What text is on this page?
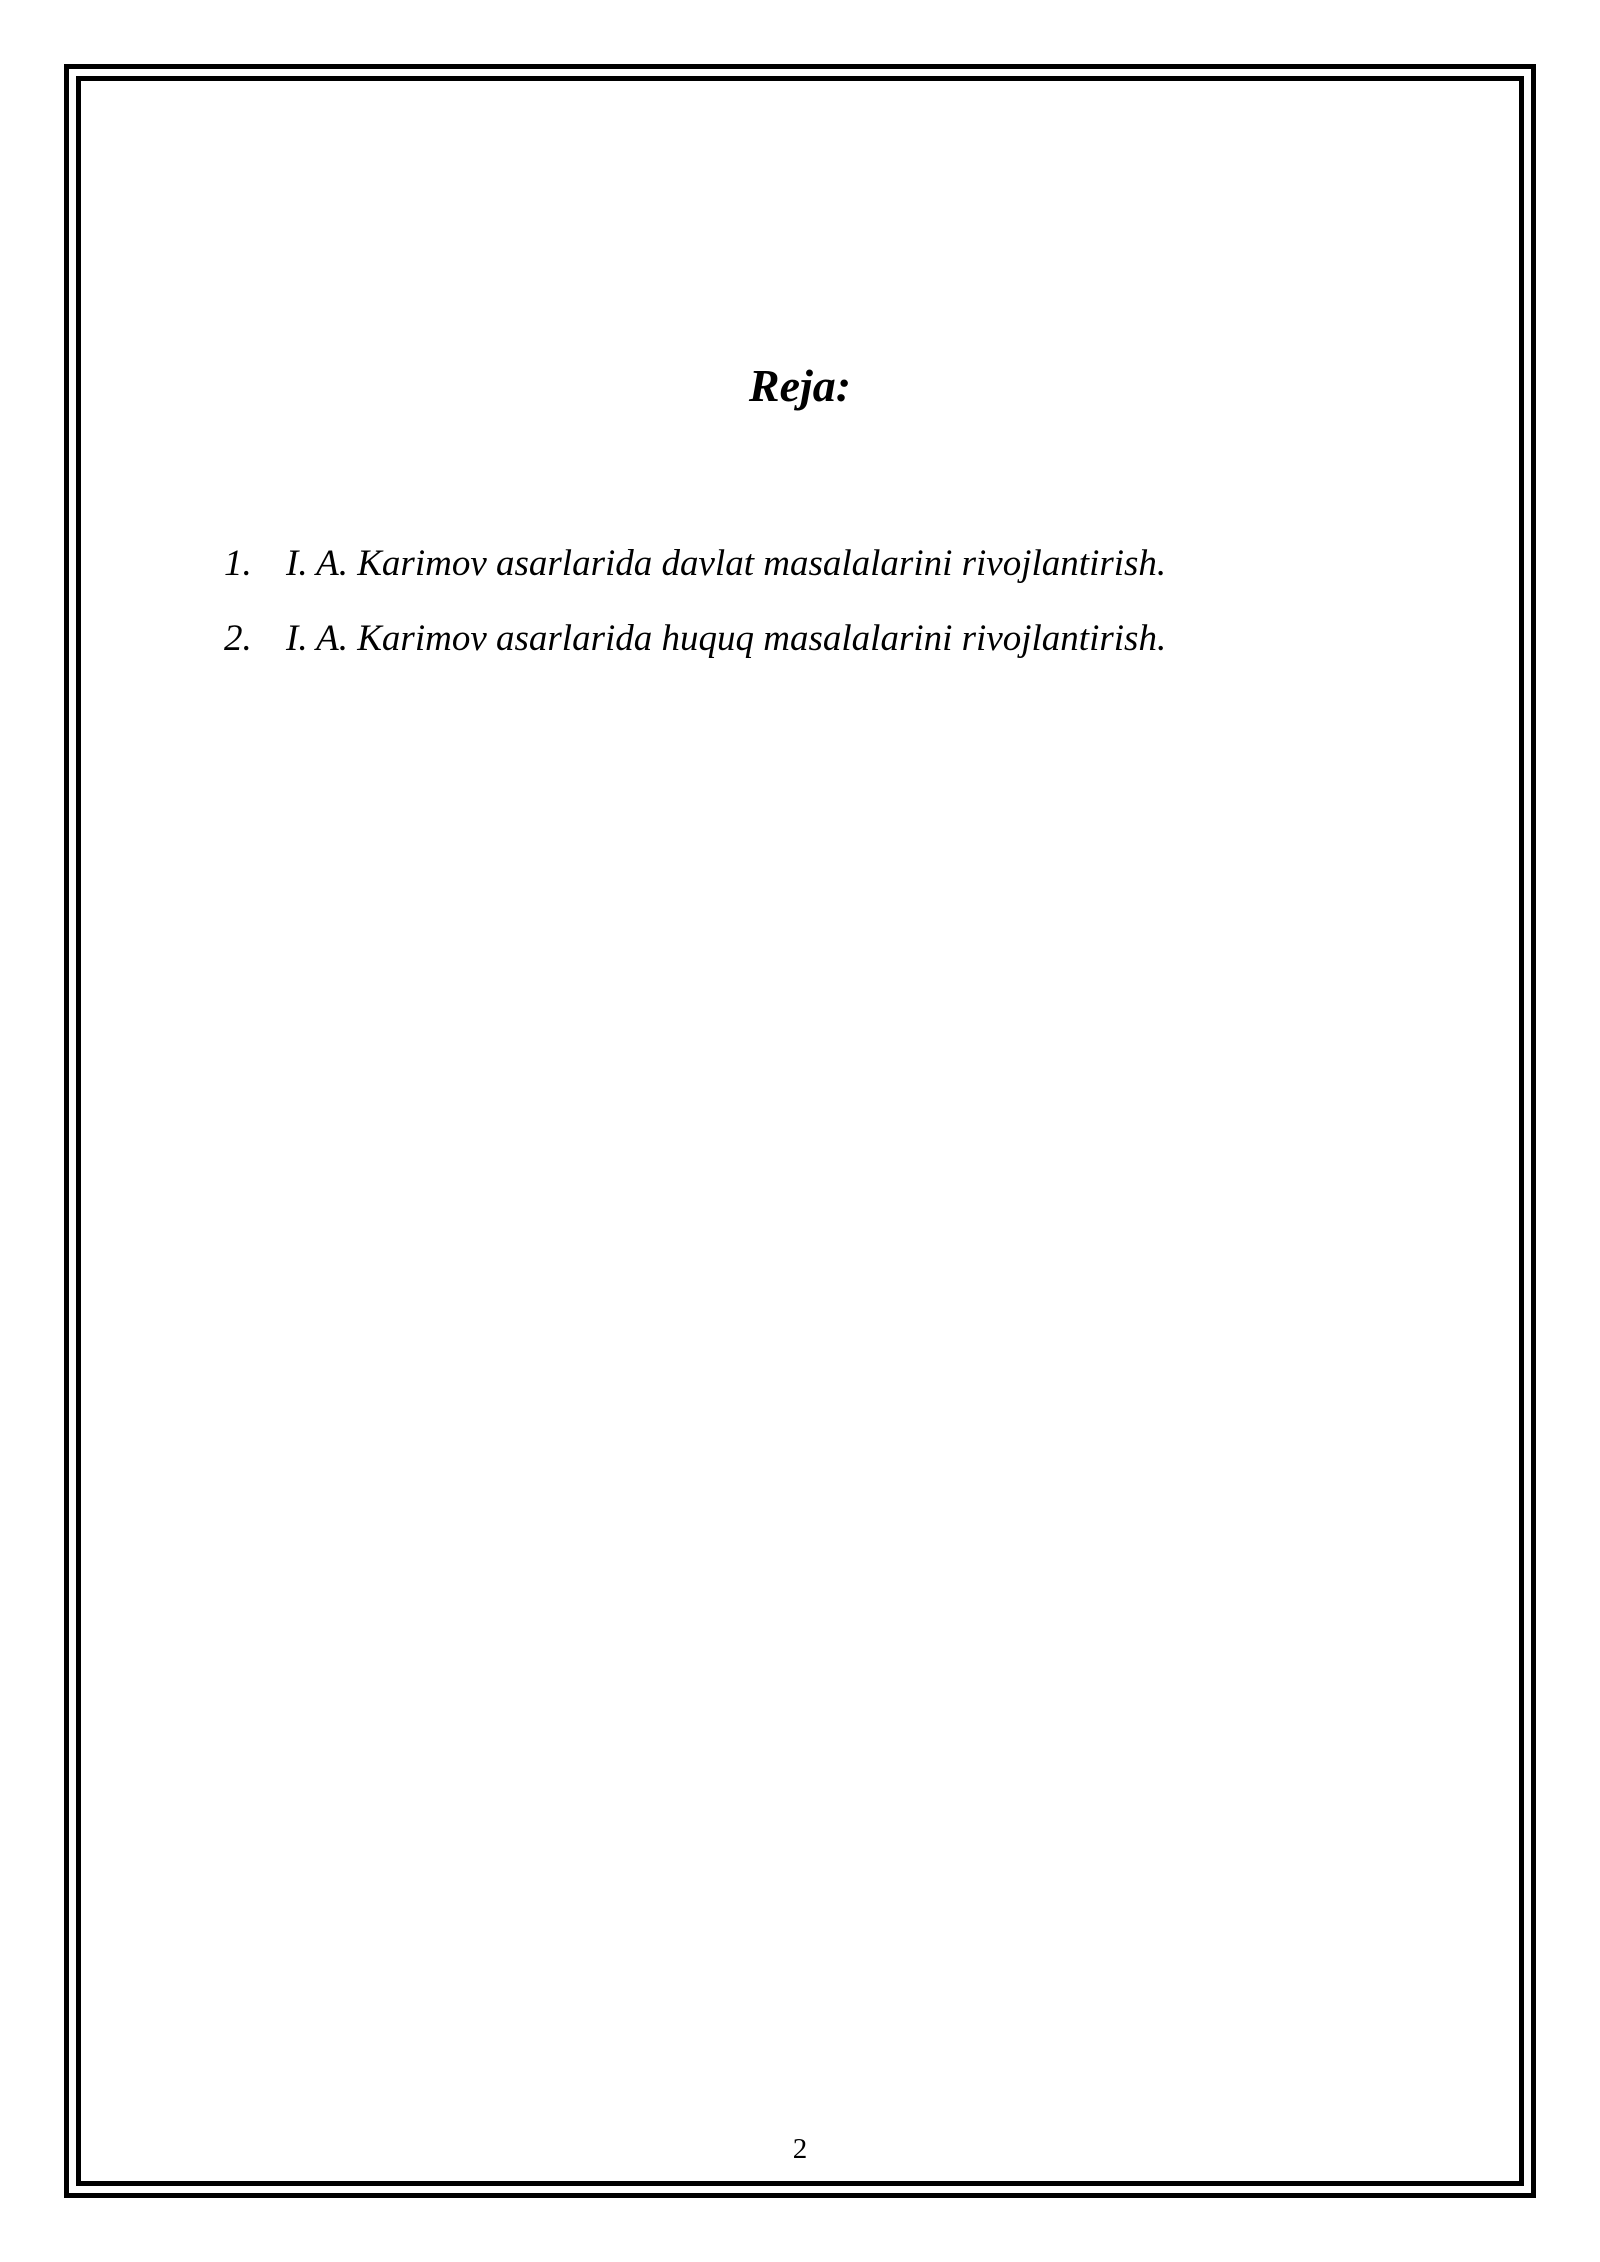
Reja:
1. I. A. Karimov asarlarida davlat masalalarini rivojlantirish.
2. I. A. Karimov asarlarida huquq masalalarini rivojlantirish.
2
